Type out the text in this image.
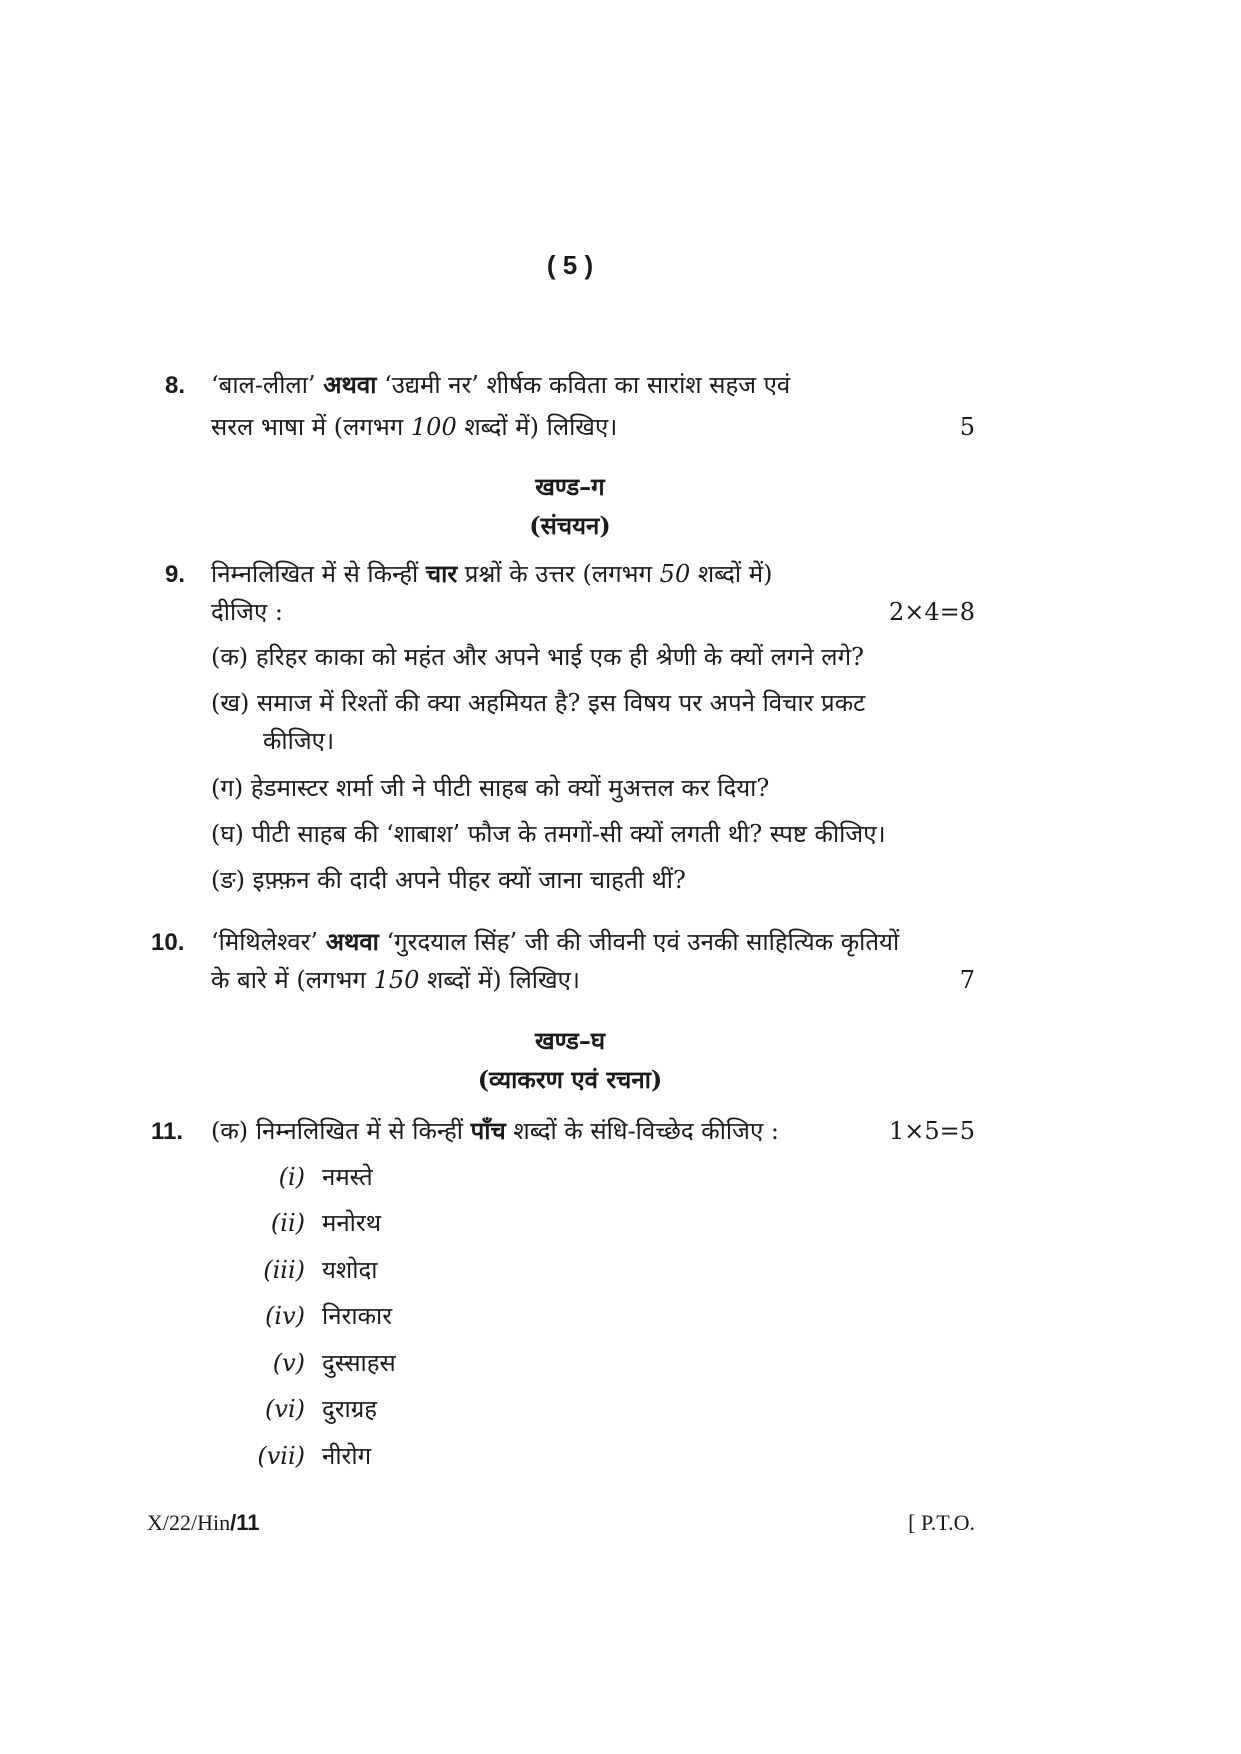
( 5 )
8. ‘बाल-लीला’ अथवा ‘उद्यमी नर’ शीर्षक कविता का सारांश सहज एवं
सरल भाषा में (लगभग 100 शब्दों में) लिखिए।	5
खण्ड–ग
(संचयन)
9. निम्नलिखित में से किन्हीं चार प्रश्नों के उत्तर (लगभग 50 शब्दों में)
दीजिए :	2×4=8
(क) हरिहर काका को महंत और अपने भाई एक ही श्रेणी के क्यों लगने लगे?
(ख) समाज में रिश्तों की क्या अहमियत है? इस विषय पर अपने विचार प्रकट
कीजिए।
(ग) हेडमास्टर शर्मा जी ने पीटी साहब को क्यों मुअत्तल कर दिया?
(घ) पीटी साहब की ‘शाबाश’ फौज के तमगों-सी क्यों लगती थी? स्पष्ट कीजिए।
(ङ) इफ़्फ़न की दादी अपने पीहर क्यों जाना चाहती थीं?
10. ‘मिथिलेश्वर’ अथवा ‘गुरदयाल सिंह’ जी की जीवनी एवं उनकी साहित्यिक कृतियों
के बारे में (लगभग 150 शब्दों में) लिखिए।	7
खण्ड–घ
(व्याकरण एवं रचना)
11. (क) निम्नलिखित में से किन्हीं पाँच शब्दों के संधि-विच्छेद कीजिए :	1×5=5
(i) नमस्ते
(ii) मनोरथ
(iii) यशोदा
(iv) निराकार
(v) दुस्साहस
(vi) दुराग्रह
(vii) नीरोग
X/22/Hin/11	[ P.T.O.
